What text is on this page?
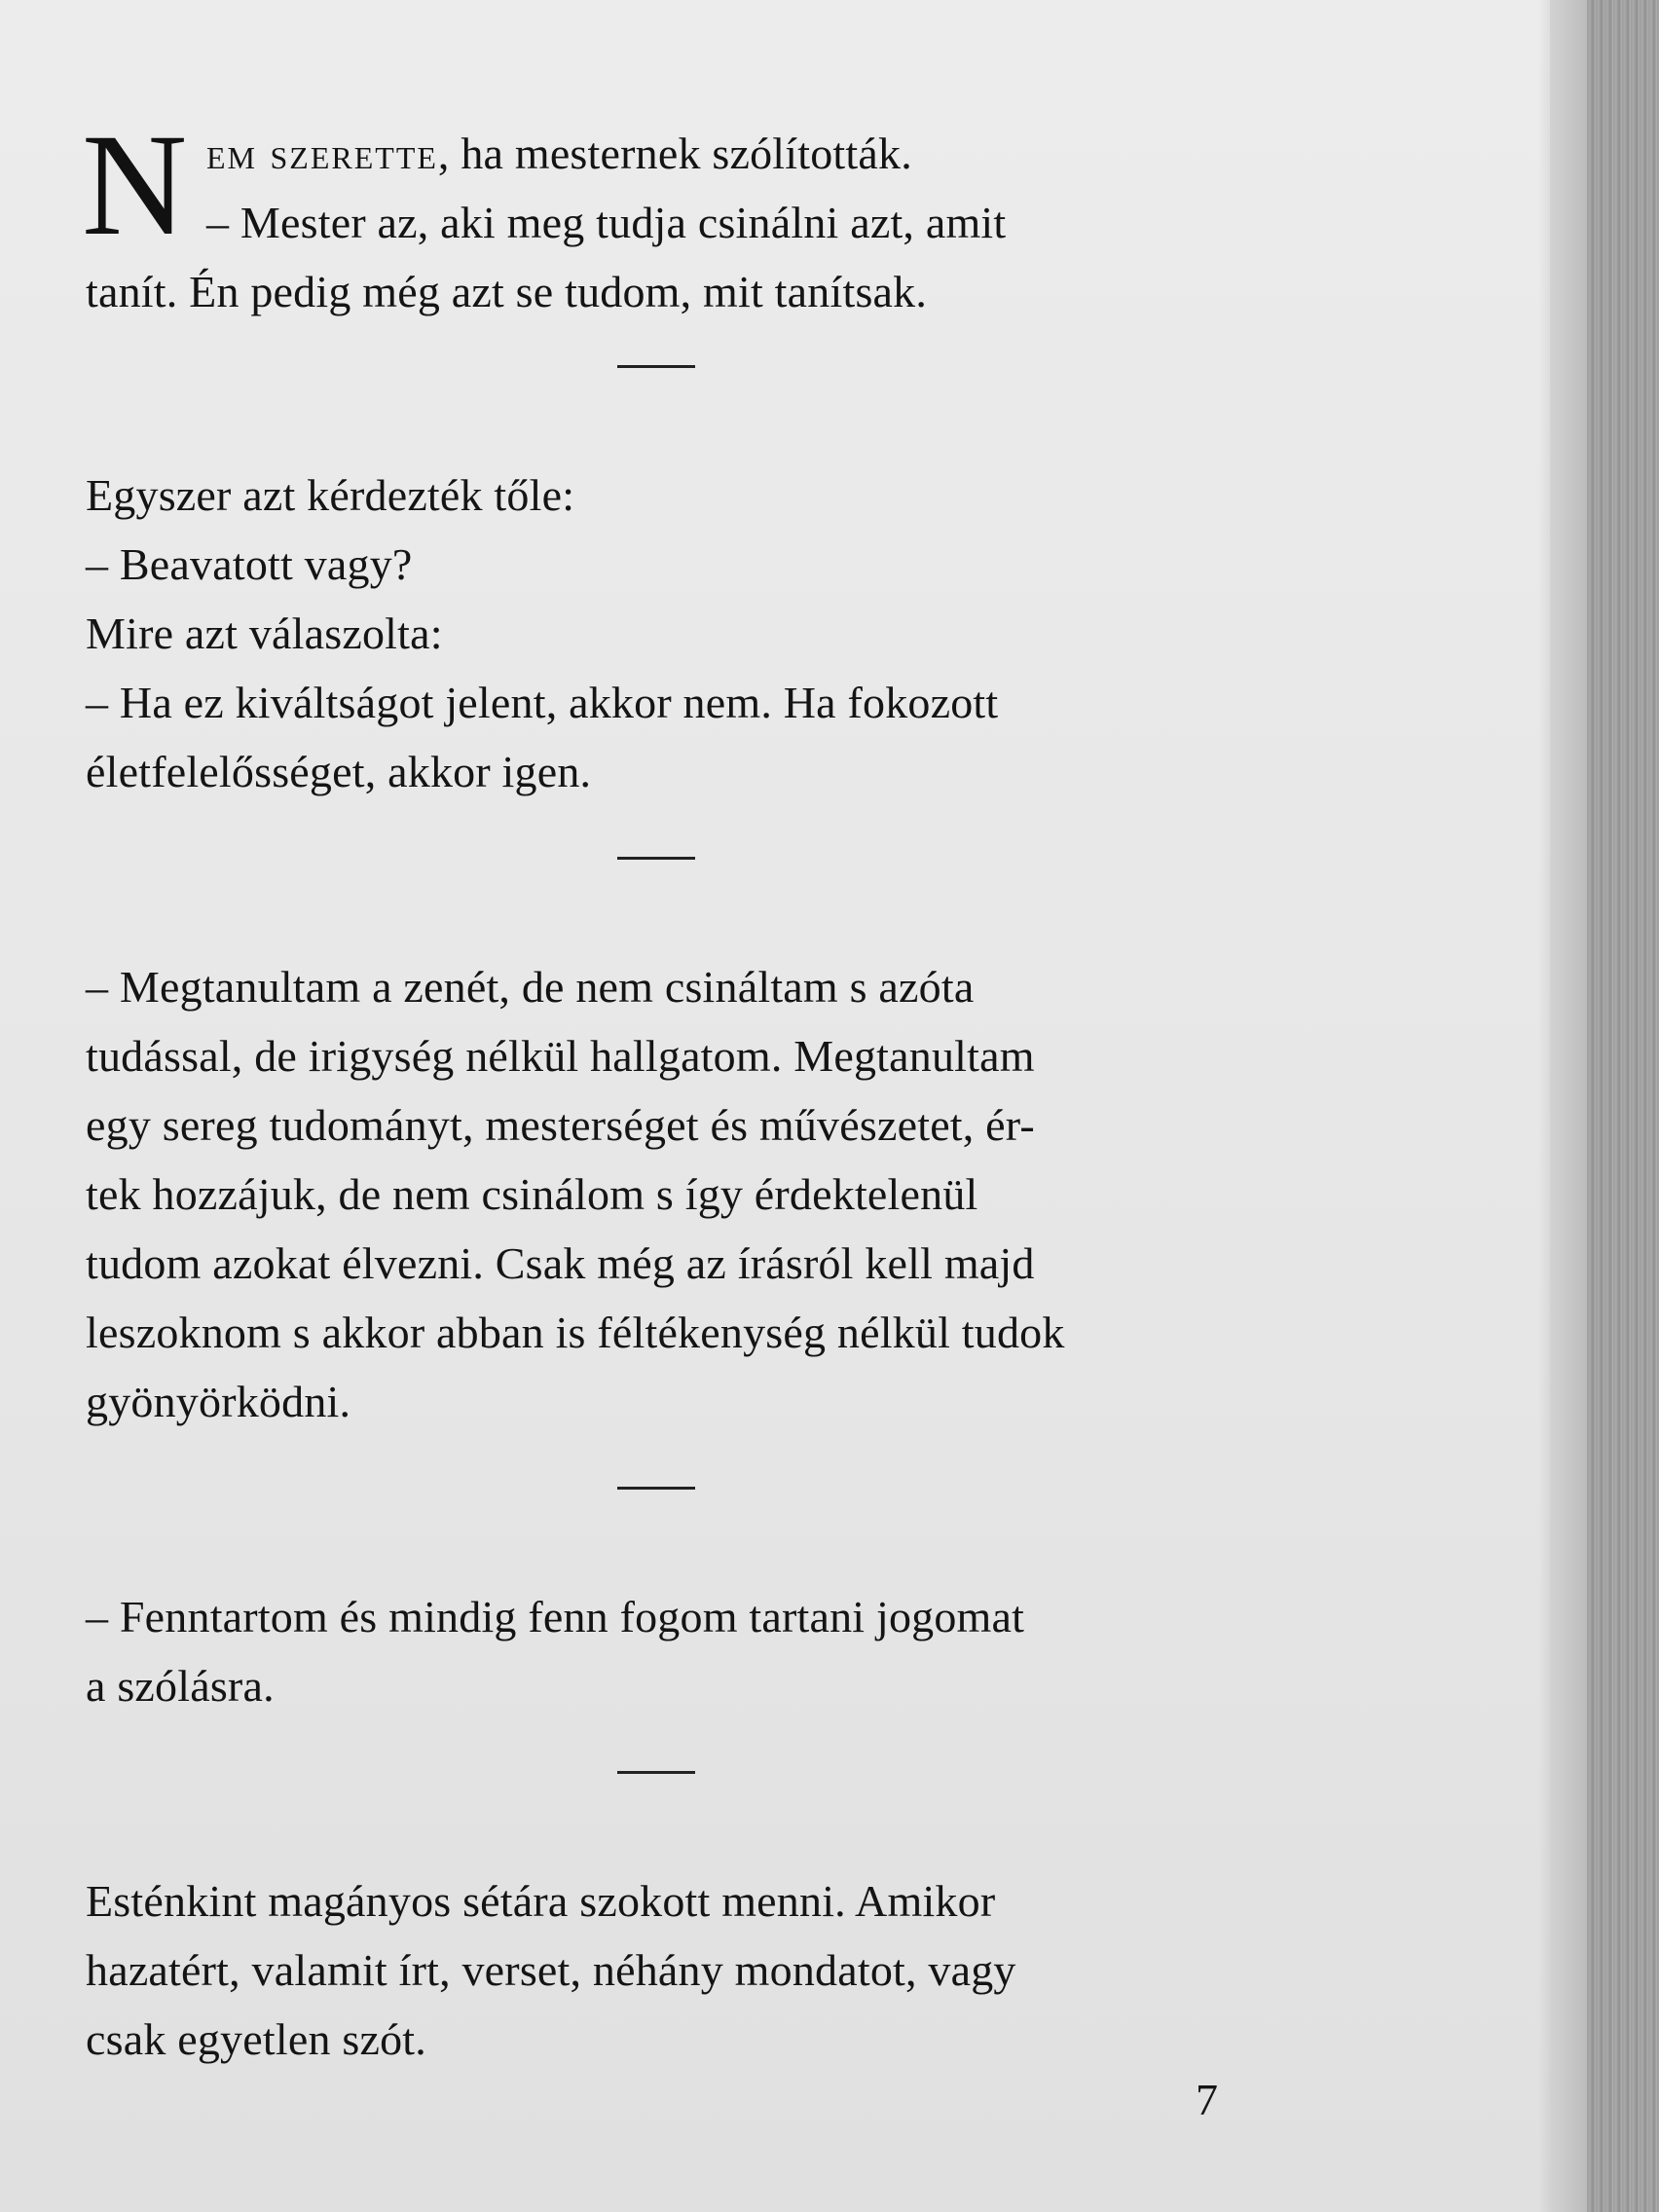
N em szerette, ha mesternek szólították.
– Mester az, aki meg tudja csinálni azt, amit
tanít. Én pedig még azt se tudom, mit tanítsak.
Egyszer azt kérdezték tőle:
– Beavatott vagy?
Mire azt válaszolta:
– Ha ez kiváltságot jelent, akkor nem. Ha fokozott
életfelelősséget, akkor igen.
– Megtanultam a zenét, de nem csináltam s azóta
tudással, de irigység nélkül hallgatom. Megtanultam
egy sereg tudományt, mesterséget és művészetet, ér-
tek hozzájuk, de nem csinálom s így érdektelenül
tudom azokat élvezni. Csak még az írásról kell majd
leszoknom s akkor abban is féltékenység nélkül tudok
gyönyörködni.
– Fenntartom és mindig fenn fogom tartani jogomat
a szólásra.
Esténkint magányos sétára szokott menni. Amikor
hazatért, valamit írt, verset, néhány mondatot, vagy
csak egyetlen szót.
7
